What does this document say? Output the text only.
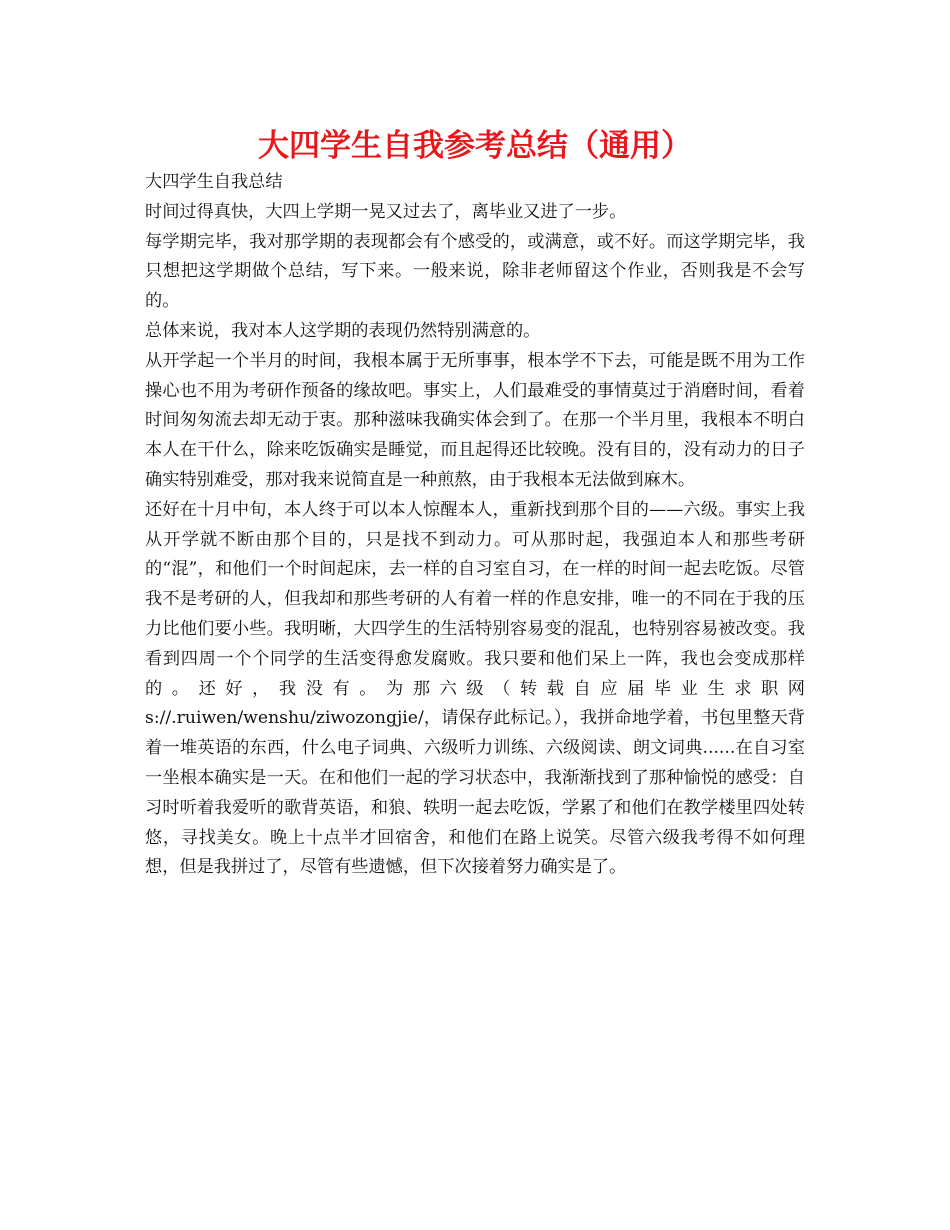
大四学生自我参考总结（通用）

大四学生自我总结

时间过得真快，大四上学期一晃又过去了，离毕业又进了一步。

每学期完毕，我对那学期的表现都会有个感受的，或满意，或不好。而这学期完毕，我只想把这学期做个总结，写下来。一般来说，除非老师留这个作业，否则我是不会写的。

总体来说，我对本人这学期的表现仍然特别满意的。

从开学起一个半月的时间，我根本属于无所事事，根本学不下去，可能是既不用为工作操心也不用为考研作预备的缘故吧。事实上，人们最难受的事情莫过于消磨时间，看着时间匆匆流去却无动于衷。那种滋味我确实体会到了。在那一个半月里，我根本不明白本人在干什么，除来吃饭确实是睡觉，而且起得还比较晚。没有目的，没有动力的日子确实特别难受，那对我来说简直是一种煎熬，由于我根本无法做到麻木。

还好在十月中旬，本人终于可以本人惊醒本人，重新找到那个目的——六级。事实上我从开学就不断由那个目的，只是找不到动力。可从那时起，我强迫本人和那些考研的“混”，和他们一个时间起床，去一样的自习室自习，在一样的时间一起去吃饭。尽管我不是考研的人，但我却和那些考研的人有着一样的作息安排，唯一的不同在于我的压力比他们要小些。我明晰，大四学生的生活特别容易变的混乱，也特别容易被改变。我看到四周一个个同学的生活变得愈发腐败。我只要和他们呆上一阵，我也会变成那样的。还好，我没有。为那六级（转载自应届毕业生求职网s://.ruiwen/wenshu/ziwozongjie/，请保存此标记。），我拼命地学着，书包里整天背着一堆英语的东西，什么电子词典、六级听力训练、六级阅读、朗文词典......在自习室一坐根本确实是一天。在和他们一起的学习状态中，我渐渐找到了那种愉悦的感受：自习时听着我爱听的歌背英语，和狼、轶明一起去吃饭，学累了和他们在教学楼里四处转悠，寻找美女。晚上十点半才回宿舍，和他们在路上说笑。尽管六级我考得不如何理想，但是我拼过了，尽管有些遗憾，但下次接着努力确实是了。
